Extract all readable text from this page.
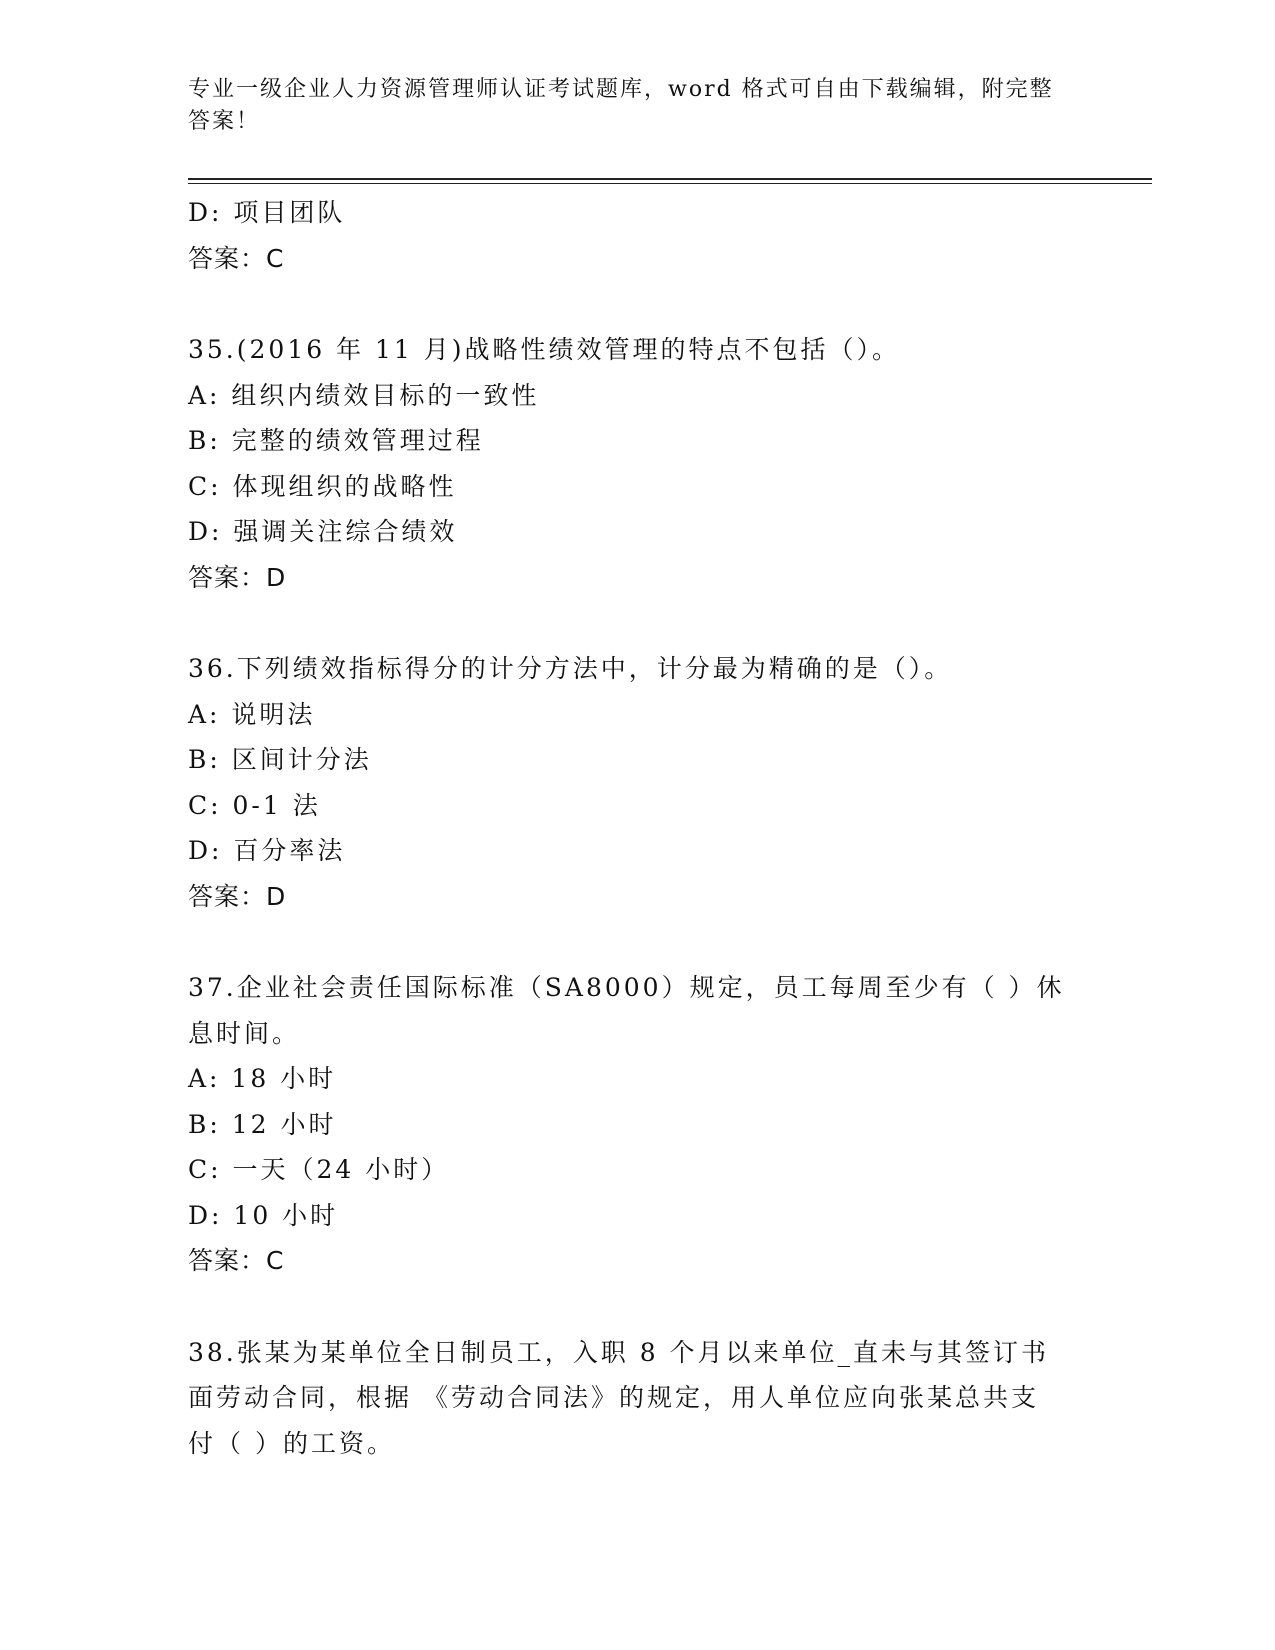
专业一级企业人力资源管理师认证考试题库，word 格式可自由下载编辑，附完整
答案！
D: 项目团队
答案：C
35.(2016 年 11 月)战略性绩效管理的特点不包括（）。
A: 组织内绩效目标的一致性
B: 完整的绩效管理过程
C: 体现组织的战略性
D: 强调关注综合绩效
答案：D
36.下列绩效指标得分的计分方法中，计分最为精确的是（）。
A: 说明法
B: 区间计分法
C: 0-1 法
D: 百分率法
答案：D
37.企业社会责任国际标准（SA8000）规定，员工每周至少有（ ）休
息时间。
A: 18 小时
B: 12 小时
C: 一天（24 小时）
D: 10 小时
答案：C
38.张某为某单位全日制员工，入职 8 个月以来单位_直未与其签订书
面劳动合同，根据 《劳动合同法》的规定，用人单位应向张某总共支
付（ ）的工资。
